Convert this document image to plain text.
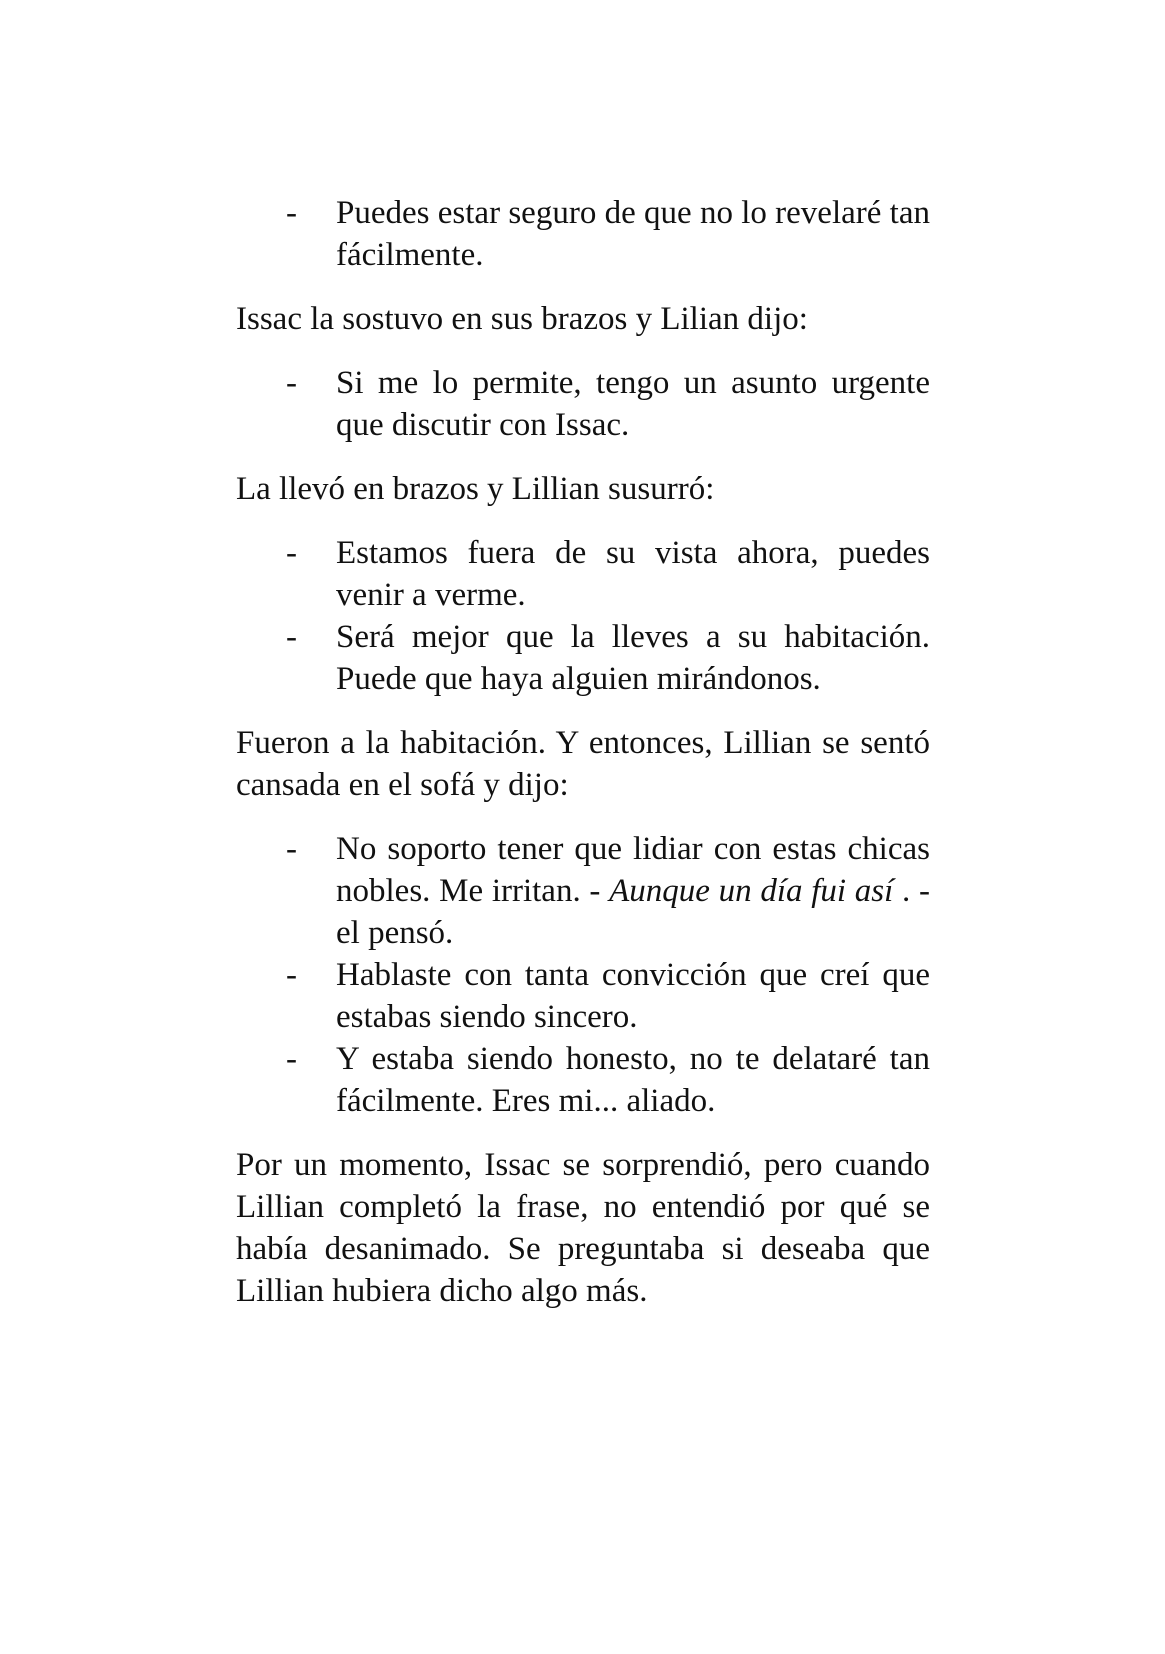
- Puedes estar seguro de que no lo revelaré tan fácilmente.
Issac la sostuvo en sus brazos y Lilian dijo:
- Si me lo permite, tengo un asunto urgente que discutir con Issac.
La llevó en brazos y Lillian susurró:
- Estamos fuera de su vista ahora, puedes venir a verme.
- Será mejor que la lleves a su habitación. Puede que haya alguien mirándonos.
Fueron a la habitación. Y entonces, Lillian se sentó cansada en el sofá y dijo:
- No soporto tener que lidiar con estas chicas nobles. Me irritan. - Aunque un día fui así . - el pensó.
- Hablaste con tanta convicción que creí que estabas siendo sincero.
- Y estaba siendo honesto, no te delataré tan fácilmente. Eres mi... aliado.
Por un momento, Issac se sorprendió, pero cuando Lillian completó la frase, no entendió por qué se había desanimado. Se preguntaba si deseaba que Lillian hubiera dicho algo más.
